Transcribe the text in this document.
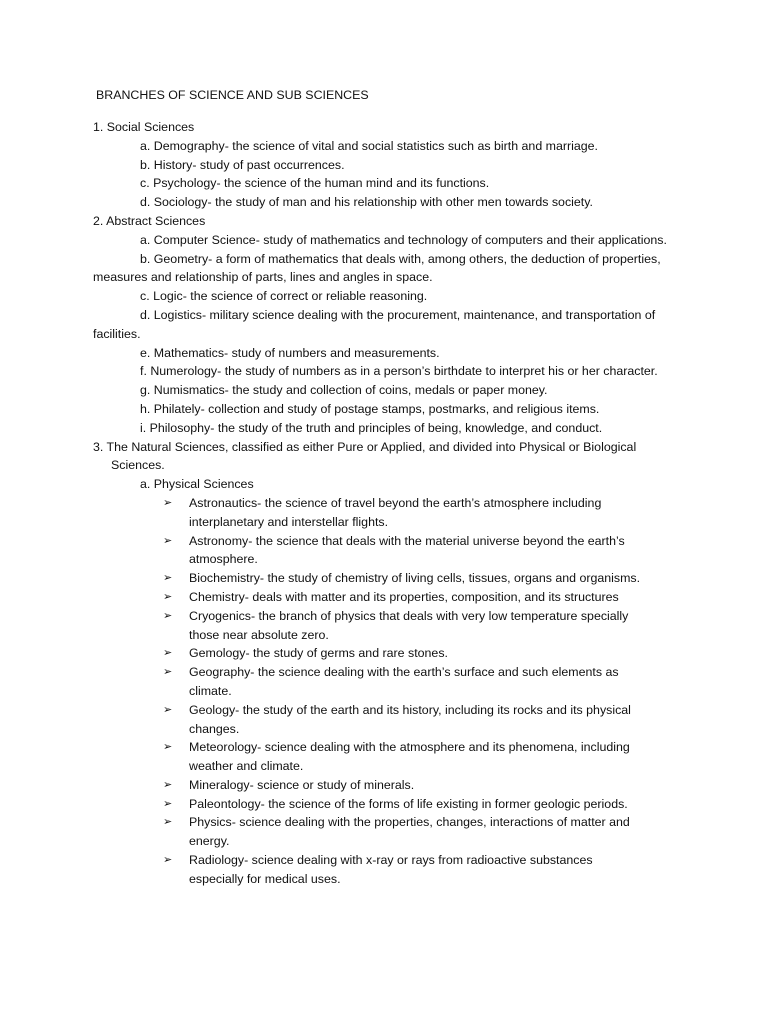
BRANCHES OF SCIENCE AND SUB SCIENCES

1. Social Sciences

a. Demography- the science of vital and social statistics such as birth and marriage.

b. History- study of past occurrences.

c. Psychology- the science of the human mind and its functions.

d. Sociology- the study of man and his relationship with other men towards society.

2. Abstract Sciences

a. Computer Science- study of mathematics and technology of computers and their applications.

b. Geometry- a form of mathematics that deals with, among others, the deduction of properties, measures and relationship of parts, lines and angles in space.

c. Logic- the science of correct or reliable reasoning.

d. Logistics- military science dealing with the procurement, maintenance, and transportation of facilities.

e. Mathematics- study of numbers and measurements.

f. Numerology- the study of numbers as in a person’s birthdate to interpret his or her character.

g. Numismatics- the study and collection of coins, medals or paper money.

h. Philately- collection and study of postage stamps, postmarks, and religious items.

i. Philosophy- the study of the truth and principles of being, knowledge, and conduct.

3. The Natural Sciences, classified as either Pure or Applied, and divided into Physical or Biological Sciences.

a. Physical Sciences

➢ Astronautics- the science of travel beyond the earth’s atmosphere including interplanetary and interstellar flights.
➢ Astronomy- the science that deals with the material universe beyond the earth’s atmosphere.
➢ Biochemistry- the study of chemistry of living cells, tissues, organs and organisms.
➢ Chemistry- deals with matter and its properties, composition, and its structures
➢ Cryogenics- the branch of physics that deals with very low temperature specially those near absolute zero.
➢ Gemology- the study of germs and rare stones.
➢ Geography- the science dealing with the earth’s surface and such elements as climate.
➢ Geology- the study of the earth and its history, including its rocks and its physical changes.
➢ Meteorology- science dealing with the atmosphere and its phenomena, including weather and climate.
➢ Mineralogy- science or study of minerals.
➢ Paleontology- the science of the forms of life existing in former geologic periods.
➢ Physics- science dealing with the properties, changes, interactions of matter and energy.
➢ Radiology- science dealing with x-ray or rays from radioactive substances especially for medical uses.
